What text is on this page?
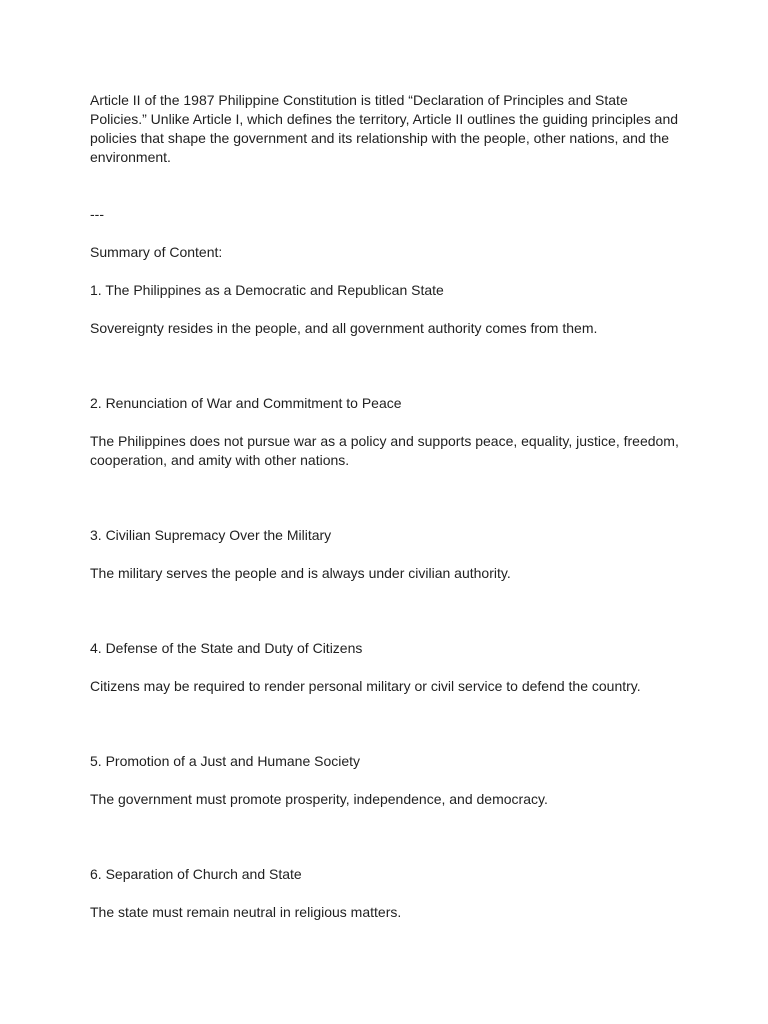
Article II of the 1987 Philippine Constitution is titled “Declaration of Principles and State Policies.” Unlike Article I, which defines the territory, Article II outlines the guiding principles and policies that shape the government and its relationship with the people, other nations, and the environment.

---

Summary of Content:

1. The Philippines as a Democratic and Republican State

Sovereignty resides in the people, and all government authority comes from them.

2. Renunciation of War and Commitment to Peace

The Philippines does not pursue war as a policy and supports peace, equality, justice, freedom, cooperation, and amity with other nations.

3. Civilian Supremacy Over the Military

The military serves the people and is always under civilian authority.

4. Defense of the State and Duty of Citizens

Citizens may be required to render personal military or civil service to defend the country.

5. Promotion of a Just and Humane Society

The government must promote prosperity, independence, and democracy.

6. Separation of Church and State

The state must remain neutral in religious matters.
